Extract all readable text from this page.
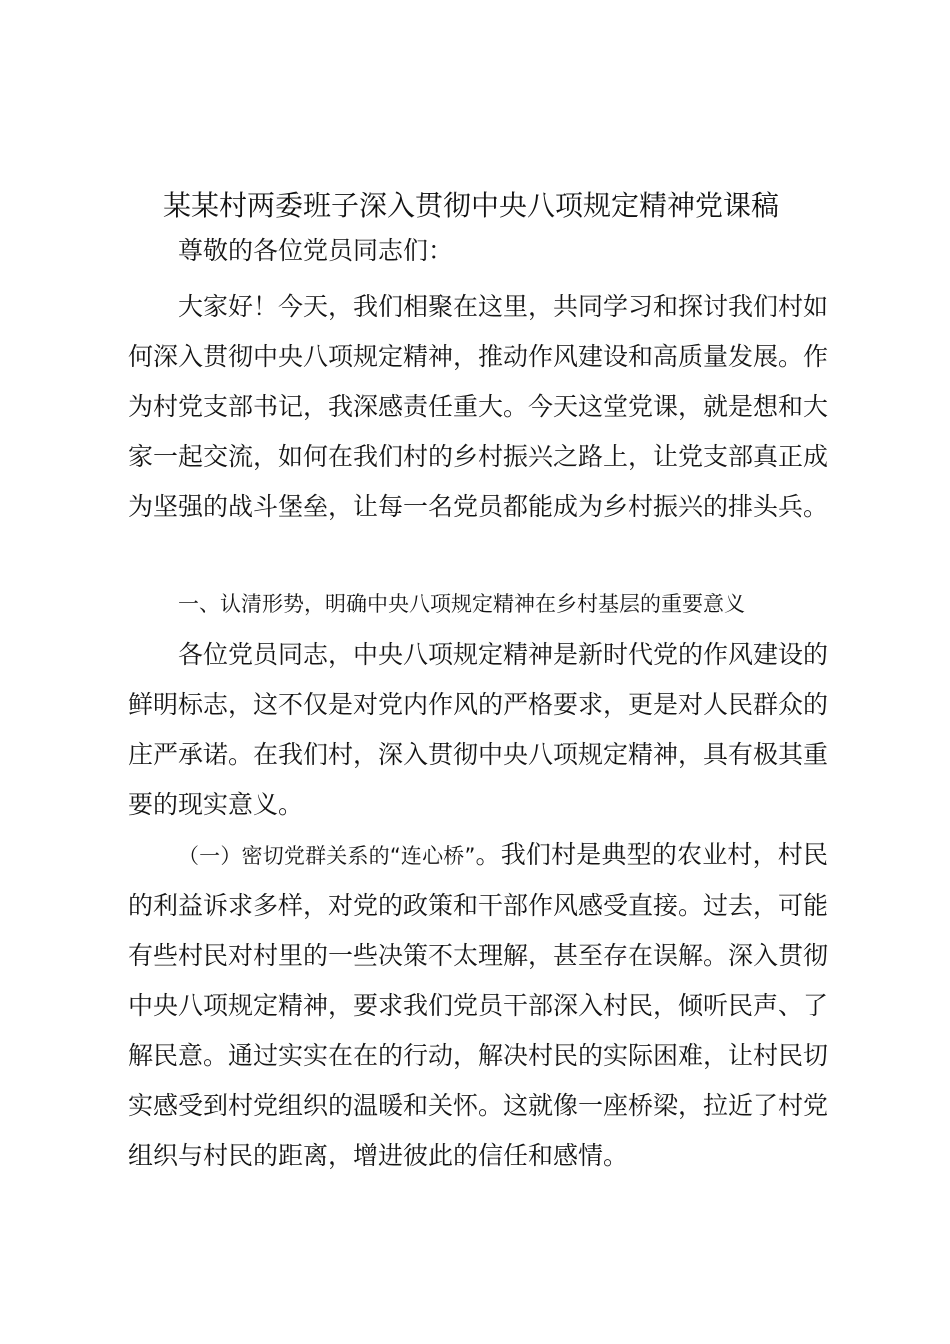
某某村两委班子深入贯彻中央八项规定精神党课稿

尊敬的各位党员同志们：

大家好！今天，我们相聚在这里，共同学习和探讨我们村如何深入贯彻中央八项规定精神，推动作风建设和高质量发展。作为村党支部书记，我深感责任重大。今天这堂党课，就是想和大家一起交流，如何在我们村的乡村振兴之路上，让党支部真正成为坚强的战斗堡垒，让每一名党员都能成为乡村振兴的排头兵。

一、认清形势，明确中央八项规定精神在乡村基层的重要意义

各位党员同志，中央八项规定精神是新时代党的作风建设的鲜明标志，这不仅是对党内作风的严格要求，更是对人民群众的庄严承诺。在我们村，深入贯彻中央八项规定精神，具有极其重要的现实意义。

（一）密切党群关系的“连心桥”。我们村是典型的农业村，村民的利益诉求多样，对党的政策和干部作风感受直接。过去，可能有些村民对村里的一些决策不太理解，甚至存在误解。深入贯彻中央八项规定精神，要求我们党员干部深入村民，倾听民声、了解民意。通过实实在在的行动，解决村民的实际困难，让村民切实感受到村党组织的温暖和关怀。这就像一座桥梁，拉近了村党组织与村民的距离，增进彼此的信任和感情。
